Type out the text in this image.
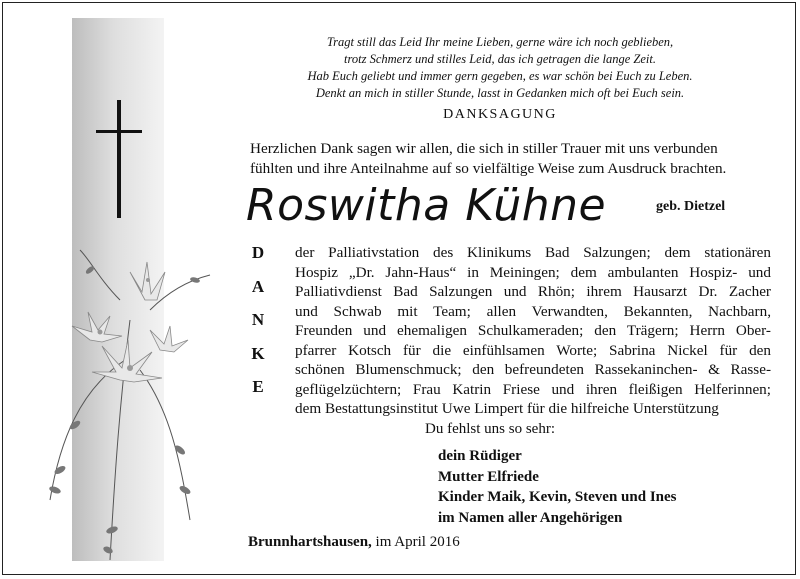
Tragt still das Leid Ihr meine Lieben, gerne wäre ich noch geblieben,
trotz Schmerz und stilles Leid, das ich getragen die lange Zeit.
Hab Euch geliebt und immer gern gegeben, es war schön bei Euch zu Leben.
Denkt an mich in stiller Stunde, lasst in Gedanken mich oft bei Euch sein.
DANKSAGUNG
Herzlichen Dank sagen wir allen, die sich in stiller Trauer mit uns verbunden
fühlten und ihre Anteilnahme auf so vielfältige Weise zum Ausdruck brachten.
Roswitha Kühne	geb. Dietzel
D
A
N
K
E
der Palliativstation des Klinikums Bad Salzungen; dem stationären
Hospiz „Dr. Jahn-Haus“ in Meiningen; dem ambulanten Hospiz- und
Palliativdienst Bad Salzungen und Rhön; ihrem Hausarzt Dr. Zacher
und Schwab mit Team; allen Verwandten, Bekannten, Nachbarn,
Freunden und ehemaligen Schulkameraden; den Trägern; Herrn Ober-
pfarrer Kotsch für die einfühlsamen Worte; Sabrina Nickel für den
schönen Blumenschmuck; den befreundeten Rassekaninchen- & Rasse-
geflügelzüchtern; Frau Katrin Friese und ihren fleißigen Helferinnen;
dem Bestattungsinstitut Uwe Limpert für die hilfreiche Unterstützung
Du fehlst uns so sehr:
dein Rüdiger
Mutter Elfriede
Kinder Maik, Kevin, Steven und Ines
im Namen aller Angehörigen
Brunnhartshausen, im April 2016
